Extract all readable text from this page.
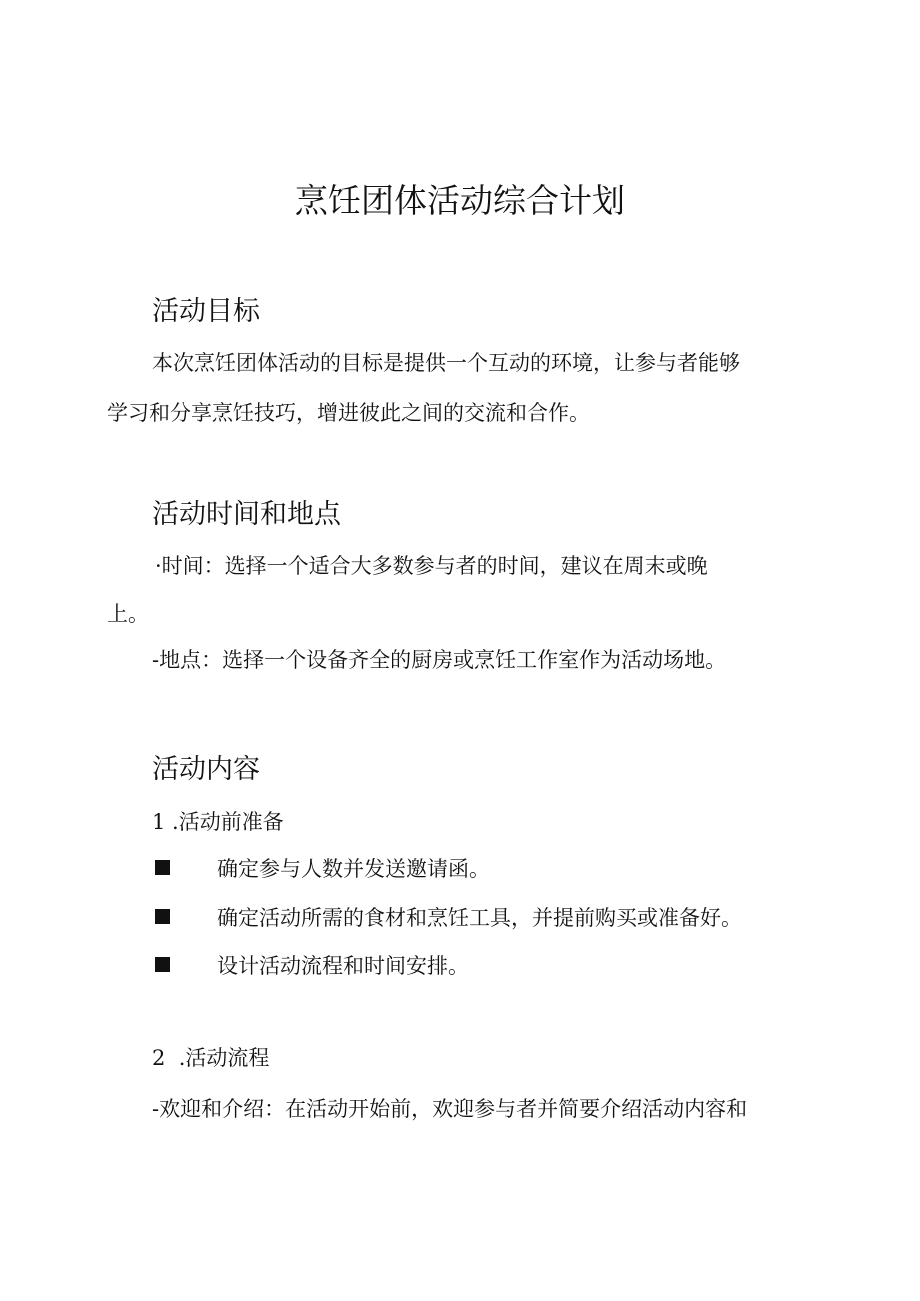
烹饪团体活动综合计划
活动目标

本次烹饪团体活动的目标是提供一个互动的环境，让参与者能够

学习和分享烹饪技巧，增进彼此之间的交流和合作。

活动时间和地点

·时间：选择一个适合大多数参与者的时间，建议在周末或晚

上。

-地点：选择一个设备齐全的厨房或烹饪工作室作为活动场地。

活动内容

1 .活动前准备

确定参与人数并发送邀请函。
确定活动所需的食材和烹饪工具，并提前购买或准备好。
设计活动流程和时间安排。

2  .活动流程

-欢迎和介绍：在活动开始前，欢迎参与者并简要介绍活动内容和
